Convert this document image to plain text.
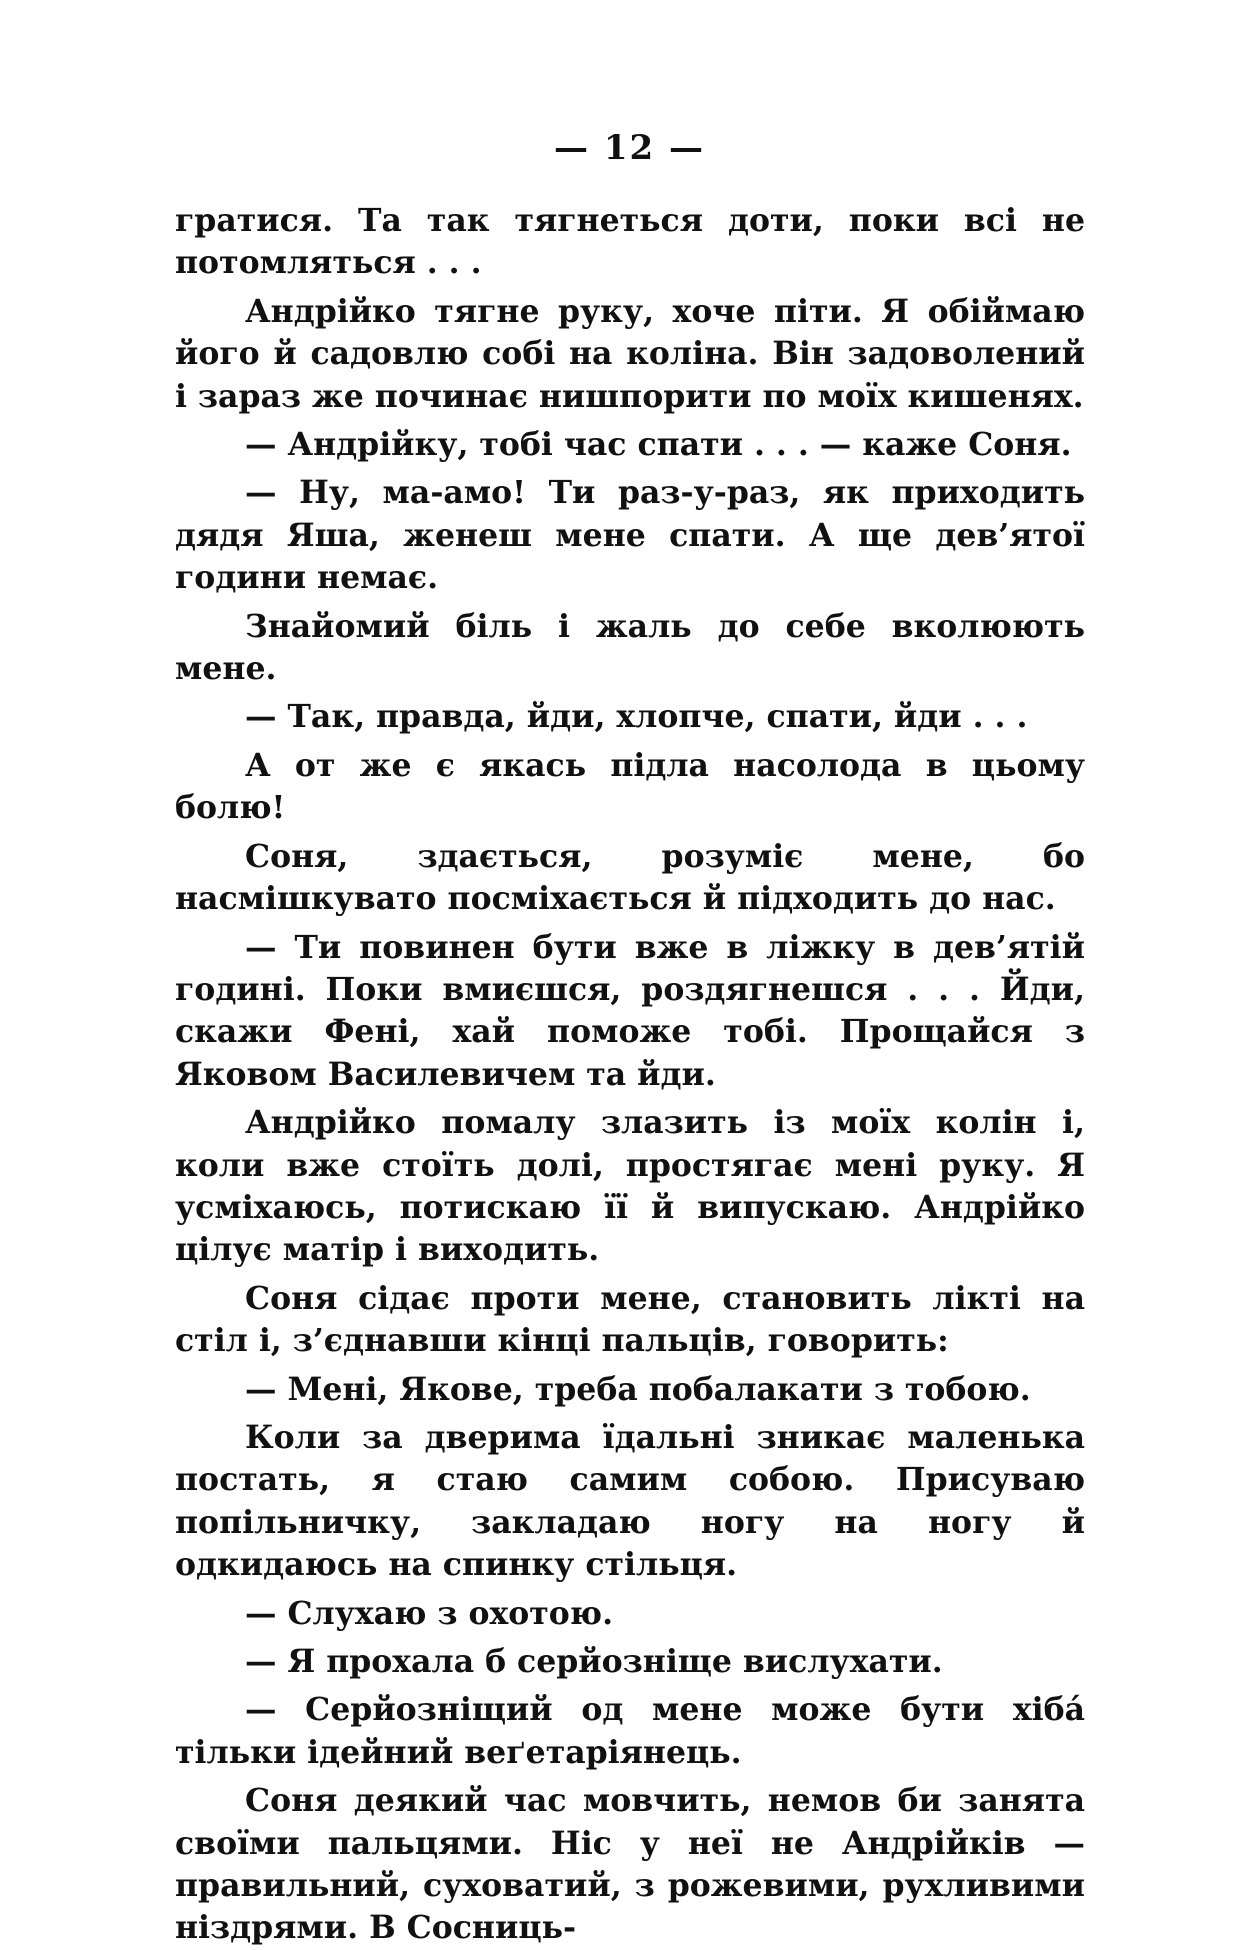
— 12 —

гратися. Та так тягнеться доти, поки всі не потомляться . . .

Андрійко тягне руку, хоче піти. Я обіймаю його й садовлю собі на коліна. Він задоволений і зараз же починає нишпорити по моїх кишенях.

— Андрійку, тобі час спати . . . — каже Соня.

— Ну, ма-амо! Ти раз-у-раз, як приходить дядя Яша, женеш мене спати. А ще дев’ятої години немає.

Знайомий біль і жаль до себе вколюють мене.

— Так, правда, йди, хлопче, спати, йди . . .

А от же є якась підла насолода в цьому болю!

Соня, здається, розуміє мене, бо насмішкувато посміхається й підходить до нас.

— Ти повинен бути вже в ліжку в дев’ятій годині. Поки вмиєшся, роздягнешся . . . Йди, скажи Фені, хай поможе тобі. Прощайся з Яковом Василевичем та йди.

Андрійко помалу злазить із моїх колін і, коли вже стоїть долі, простягає мені руку. Я усміхаюсь, потискаю її й випускаю. Андрійко цілує матір і виходить.

Соня сідає проти мене, становить лікті на стіл і, з’єднавши кінці пальців, говорить:

— Мені, Якове, треба побалакати з тобою.

Коли за дверима їдальні зникає маленька постать, я стаю самим собою. Присуваю попільничку, закладаю ногу на ногу й одкидаюсь на спинку стільця.

— Слухаю з охотою.

— Я прохала б серйозніще вислухати.

— Серйозніщий од мене може бути хіба́ тільки ідейний веґетаріянець.

Соня деякий час мовчить, немов би занята своїми пальцями. Ніс у неї не Андрійків — правильний, суховатий, з рожевими, рухливими ніздрями. В Сосниць-
